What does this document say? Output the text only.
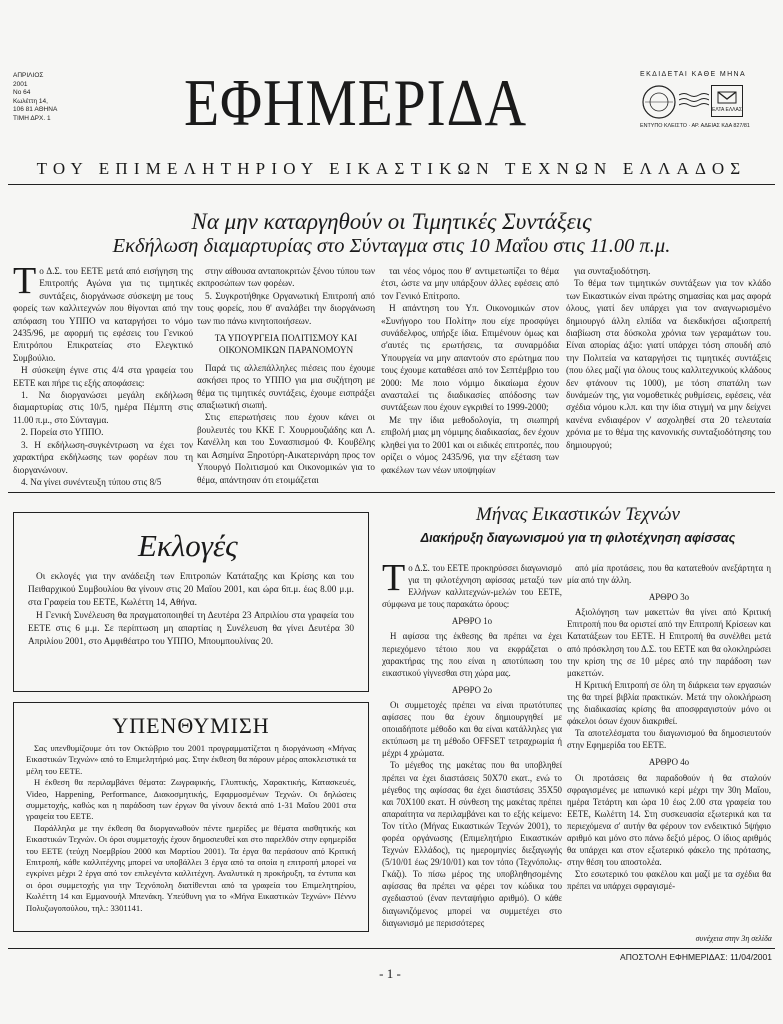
ΑΠΡΙΛΙΟΣ
2001
No 64
Κωλέττη 14,
106 81 ΑΘΗΝΑ
ΤΙΜΗ ΔΡΧ. 1	ΕΦΗΜΕΡΙΔΑ	ΕΚΔΙΔΕΤΑΙ ΚΑΘΕ ΜΗΝΑ
ΕΛΤΑ ΕΛΛΑΣ
ΕΝΤΥΠΟ ΚΛΕΙΣΤΟ · ΑΡ. ΑΔΕΙΑΣ ΚΔΑ 827/81
ΤΟΥ ΕΠΙΜΕΛΗΤΗΡΙΟΥ ΕΙΚΑΣΤΙΚΩΝ ΤΕΧΝΩΝ ΕΛΛΑΔΟΣ
Να μην καταργηθούν οι Τιμητικές Συντάξεις
Εκδήλωση διαμαρτυρίας στο Σύνταγμα στις 10 Μαΐου στις 11.00 π.μ.

Το Δ.Σ. του ΕΕΤΕ μετά από εισήγηση της Επιτροπής Αγώνα για τις τιμητικές συντάξεις, διοργάνωσε σύσκεψη με τους φορείς των καλλιτεχνών που θίγονται από την απόφαση του ΥΠΠΟ να καταργήσει το νόμο 2435/96, με αφορμή τις εφέσεις του Γενικού Επιτρόπου Επικρατείας στο Ελεγκτικό Συμβούλιο.

Η σύσκεψη έγινε στις 4/4 στα γραφεία του ΕΕΤΕ και πήρε τις εξής αποφάσεις:

1. Να διοργανώσει μεγάλη εκδήλωση διαμαρτυρίας στις 10/5, ημέρα Πέμπτη στις 11.00 π.μ., στο Σύνταγμα.

2. Πορεία στο ΥΠΠΟ.

3. Η εκδήλωση-συγκέντρωση να έχει τον χαρακτήρα εκδήλωσης των φορέων που τη διοργανώνουν.

4. Να γίνει συνέντευξη τύπου στις 8/5

στην αίθουσα ανταποκριτών ξένου τύπου των εκπροσώπων των φορέων.

5. Συγκροτήθηκε Οργανωτική Επιτροπή από τους φορείς, που θ' αναλάβει την διοργάνωση των πιο πάνω κινητοποιήσεων.

ΤΑ ΥΠΟΥΡΓΕΙΑ ΠΟΛΙΤΙΣΜΟΥ ΚΑΙ ΟΙΚΟΝΟΜΙΚΩΝ ΠΑΡΑΝΟΜΟΥΝ

Παρά τις αλλεπάλληλες πιέσεις που έχουμε ασκήσει προς το ΥΠΠΟ για μια συζήτηση με θέμα τις τιμητικές συντάξεις, έχουμε εισπράξει απαξιωτική σιωπή.

Στις επερωτήσεις που έχουν κάνει οι βουλευτές του ΚΚΕ Γ. Χουρμουζιάδης και Λ. Κανέλλη και του Συνασπισμού Φ. Κουβέλης και Ασημίνα Ξηροτύρη-Αικατερινάρη προς τον Υπουργό Πολιτισμού και Οικονομικών για το θέμα, απάντησαν ότι ετοιμάζεται

ται νέος νόμος που θ' αντιμετωπίζει το θέμα έτσι, ώστε να μην υπάρξουν άλλες εφέσεις από τον Γενικό Επίτροπο.

Η απάντηση του Υπ. Οικονομικών στον «Συνήγορο του Πολίτη» που είχε προσφύγει συνάδελφος, υπήρξε ίδια. Επιμένουν όμως και σ'αυτές τις ερωτήσεις, τα συναρμόδια Υπουργεία να μην απαντούν στο ερώτημα που τους έχουμε καταθέσει από τον Σεπτέμβριο του 2000: Με ποιο νόμιμο δικαίωμα έχουν ανασταλεί τις διαδικασίες απόδοσης των συντάξεων που έχουν εγκριθεί το 1999-2000;

Με την ίδια μεθοδολογία, τη σιωπηρή επιβολή μιας μη νόμιμης διαδικασίας, δεν έχουν κληθεί για το 2001 και οι ειδικές επιτροπές, που ορίζει ο νόμος 2435/96, για την εξέταση των φακέλων των νέων υποψηφίων

για συνταξιοδότηση.

Το θέμα των τιμητικών συντάξεων για τον κλάδο των Εικαστικών είναι πρώτης σημασίας και μας αφορά όλους, γιατί δεν υπάρχει για τον αναγνωρισμένο δημιουργό άλλη ελπίδα να διεκδικήσει αξιοπρεπή διαβίωση στα δύσκολα χρόνια των γεραμάτων του. Είναι απορίας άξιο: γιατί υπάρχει τόση σπουδή από την Πολιτεία να καταργήσει τις τιμητικές συντάξεις (που όλες μαζί για όλους τους καλλιτεχνικούς κλάδους δεν φτάνουν τις 1000), με τόση σπατάλη των δυνάμεών της, για νομοθετικές ρυθμίσεις, εφέσεις, νέα σχέδια νόμου κ.λπ. και την ίδια στιγμή να μην δείχνει κανένα ενδιαφέρον ν' ασχοληθεί στα 20 τελευταία χρόνια με το θέμα της κανονικής συνταξιοδότησης του δημιουργού;

Εκλογές

Οι εκλογές για την ανάδειξη των Επιτροπών Κατάταξης και Κρίσης και του Πειθαρχικού Συμβουλίου θα γίνουν στις 20 Μαΐου 2001, και ώρα 6π.μ. έως 8.00 μ.μ. στα Γραφεία του ΕΕΤΕ, Κωλέττη 14, Αθήνα.

Η Γενική Συνέλευση θα πραγματοποιηθεί τη Δευτέρα 23 Απριλίου στα γραφεία του ΕΕΤΕ στις 6 μ.μ. Σε περίπτωση μη απαρτίας η Συνέλευση θα γίνει Δευτέρα 30 Απριλίου 2001, στο Αμφιθέατρο του ΥΠΠΟ, Μπουμπουλίνας 20.

ΥΠΕΝΘΥΜΙΣΗ

Σας υπενθυμίζουμε ότι τον Οκτώβριο του 2001 προγραμματίζεται η διοργάνωση «Μήνας Εικαστικών Τεχνών» από το Επιμελητήριό μας. Στην έκθεση θα πάρουν μέρος αποκλειστικά τα μέλη του ΕΕΤΕ.

Η έκθεση θα περιλαμβάνει θέματα: Ζωγραφικής, Γλυπτικής, Χαρακτικής, Κατασκευές, Video, Happening, Performance, Διακοσμητικής, Εφαρμοσμένων Τεχνών. Οι δηλώσεις συμμετοχής, καθώς και η παράδοση των έργων θα γίνουν δεκτά από 1-31 Μαΐου 2001 στα γραφεία του ΕΕΤΕ.

Παράλληλα με την έκθεση θα διοργανωθούν πέντε ημερίδες με θέματα αισθητικής και Εικαστικών Τεχνών. Οι όροι συμμετοχής έχουν δημοσιευθεί και στο παρελθόν στην εφημερίδα του ΕΕΤΕ (τεύχη Νοεμβρίου 2000 και Μαρτίου 2001). Τα έργα θα περάσουν από Κριτική Επιτροπή, κάθε καλλιτέχνης μπορεί να υποβάλλει 3 έργα από τα οποία η επιτροπή μπορεί να εγκρίνει μέχρι 2 έργα από τον επιλεγέντα καλλιτέχνη. Αναλυτικά η προκήρυξη, τα έντυπα και οι όροι συμμετοχής για την Τεχνόπολη διατίθενται από τα γραφεία του Επιμελητηρίου, Κωλέττη 14 και Εμμανουήλ Μπενάκη. Υπεύθυνη για το «Μήνα Εικαστικών Τεχνών» Πέννυ Πολυζωγοπούλου, τηλ.: 3301141.

Μήνας Εικαστικών Τεχνών
Διακήρυξη διαγωνισμού για τη φιλοτέχνηση αφίσσας

Το Δ.Σ. του ΕΕΤΕ προκηρύσσει διαγωνισμό για τη φιλοτέχνηση αφίσσας μεταξύ των Ελλήνων καλλιτεχνών-μελών του ΕΕΤΕ, σύμφωνα με τους παρακάτω όρους:

ΑΡΘΡΟ 1ο

Η αφίσσα της έκθεσης θα πρέπει να έχει περιεχόμενο τέτοιο που να εκφράζεται ο χαρακτήρας της που είναι η αποτύπωση του εικαστικού γίγνεσθαι στη χώρα μας.

ΑΡΘΡΟ 2ο

Οι συμμετοχές πρέπει να είναι πρωτότυπες αφίσσες που θα έχουν δημιουργηθεί με οποιαδήποτε μέθοδο και θα είναι κατάλληλες για εκτύπωση με τη μέθοδο OFFSET τετραχρωμία ή μέχρι 4 χρώματα.

Το μέγεθος της μακέτας που θα υποβληθεί πρέπει να έχει διαστάσεις 50Χ70 εκατ., ενώ το μέγεθος της αφίσσας θα έχει διαστάσεις 35Χ50 και 70Χ100 εκατ. Η σύνθεση της μακέτας πρέπει απαραίτητα να περιλαμβάνει και το εξής κείμενο: Τον τίτλο (Μήνας Εικαστικών Τεχνών 2001), το φορέα οργάνωσης (Επιμελητήριο Εικαστικών Τεχνών Ελλάδος), τις ημερομηνίες διεξαγωγής (5/10/01 έως 29/10/01) και τον τόπο (Τεχνόπολις-Γκάζι). Το πίσω μέρος της υποβληθησομένης αφίσσας θα πρέπει να φέρει τον κώδικα του σχεδιαστού (έναν πενταψήφιο αριθμό). Ο κάθε διαγωνιζόμενος μπορεί να συμμετέχει στο διαγωνισμό με περισσότερες

από μία προτάσεις, που θα κατατεθούν ανεξάρτητα η μία από την άλλη.

ΑΡΘΡΟ 3ο

Αξιολόγηση των μακεττών θα γίνει από Κριτική Επιτροπή που θα οριστεί από την Επιτροπή Κρίσεων και Κατατάξεων του ΕΕΤΕ. Η Επιτροπή θα συνέλθει μετά από πρόσκληση του Δ.Σ. του ΕΕΤΕ και θα ολοκληρώσει την κρίση της σε 10 μέρες από την παράδοση των μακεττών.

Η Κριτική Επιτροπή σε όλη τη διάρκεια των εργασιών της θα τηρεί βιβλία πρακτικών. Μετά την ολοκλήρωση της διαδικασίας κρίσης θα αποσφραγιστούν μόνο οι φάκελοι όσων έχουν διακριθεί.

Τα αποτελέσματα του διαγωνισμού θα δημοσιευτούν στην Εφημερίδα του ΕΕΤΕ.

ΑΡΘΡΟ 4ο

Οι προτάσεις θα παραδοθούν ή θα σταλούν σφραγισμένες με ιαπωνικό κερί μέχρι την 30η Μαΐου, ημέρα Τετάρτη και ώρα 10 έως 2.00 στα γραφεία του ΕΕΤΕ, Κωλέττη 14. Στη συσκευασία εξωτερικά και τα περιεχόμενα σ' αυτήν θα φέρουν τον ενδεικτικό 5ψήφιο αριθμό και μόνο στο πάνω δεξιό μέρος. Ο ίδιος αριθμός θα υπάρχει και στον εξωτερικό φάκελο της πρότασης, στην θέση του αποστολέα.

Στο εσωτερικό του φακέλου και μαζί με τα σχέδια θα πρέπει να υπάρχει σφραγισμέ-

συνέχεια στην 3η σελίδα
ΑΠΟΣΤΟΛΗ ΕΦΗΜΕΡΙΔΑΣ: 11/04/2001
- 1 -
